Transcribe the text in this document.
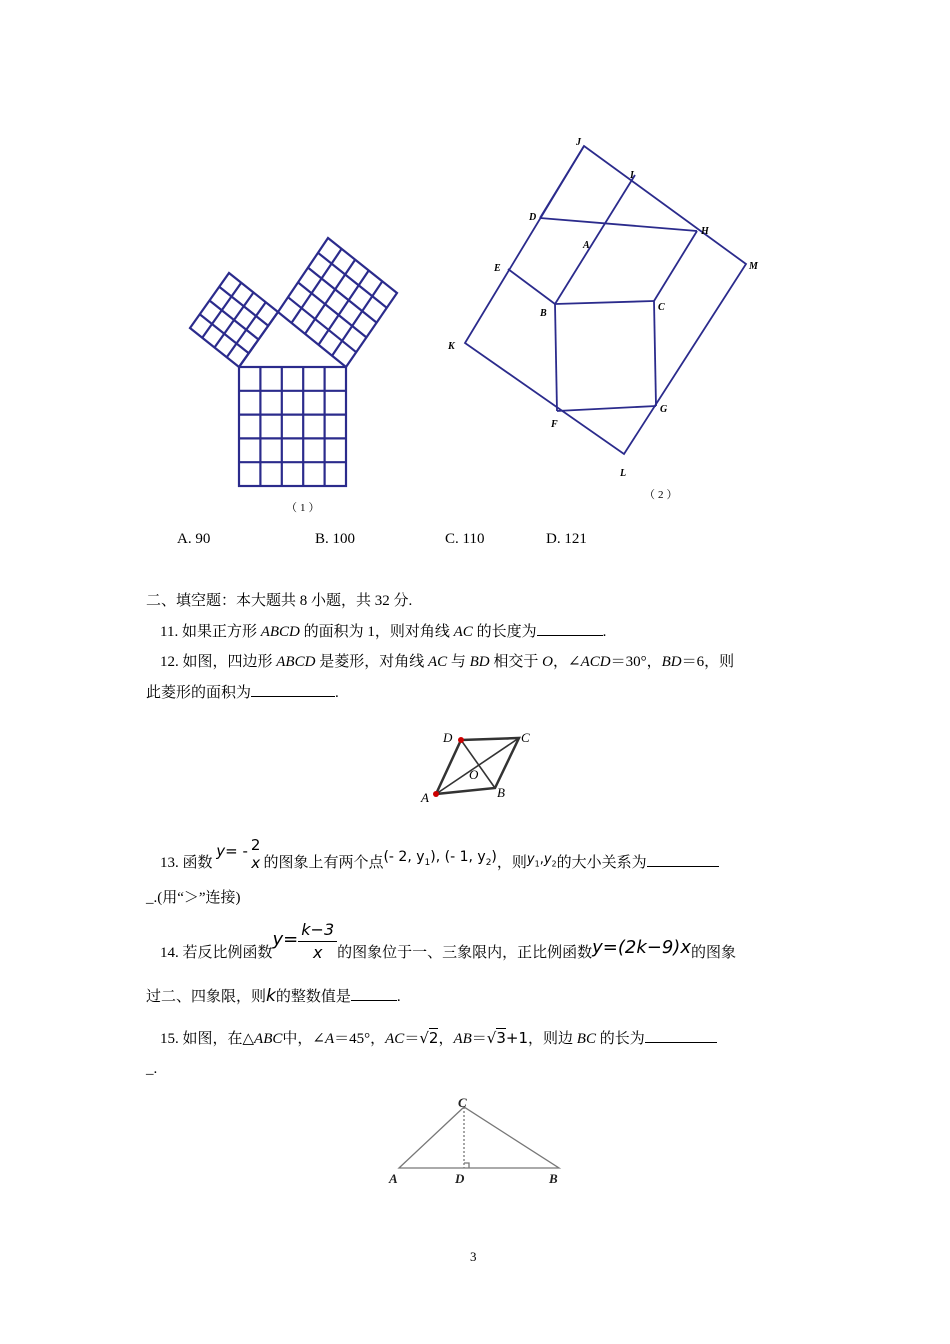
（1）
J
I
H
M
D
A
E
B
C
K
F
G
L
（2）
A. 90	B. 100	C. 110	D. 121
二、填空题：本大题共 8 小题，共 32 分.
11. 如果正方形 ABCD 的面积为 1，则对角线 AC 的长度为	.
12. 如图，四边形 ABCD 是菱形，对角线 AC 与 BD 相交于 O，∠ACD＝30°，BD＝6，则
此菱形的面积为	.
D	C
O
A	B
13. 函数 y= - 2
x 的图象上有两个点(- 2, $y_1$), (- 1, $y_2$)，则$y_1,y_2$的大小关系为
_.(用“＞”连接)
14. 若反比例函数$y= \frac{k-3}{x}$ 的图象位于一、三象限内，正比例函数y=(2k−9)x的图象
过二、四象限，则k的整数值是	.
15. 如图，在△ABC中，∠A＝45°，AC＝√2，AB＝√3+1，则边 BC 的长为
_.
C
A	D	B
3
